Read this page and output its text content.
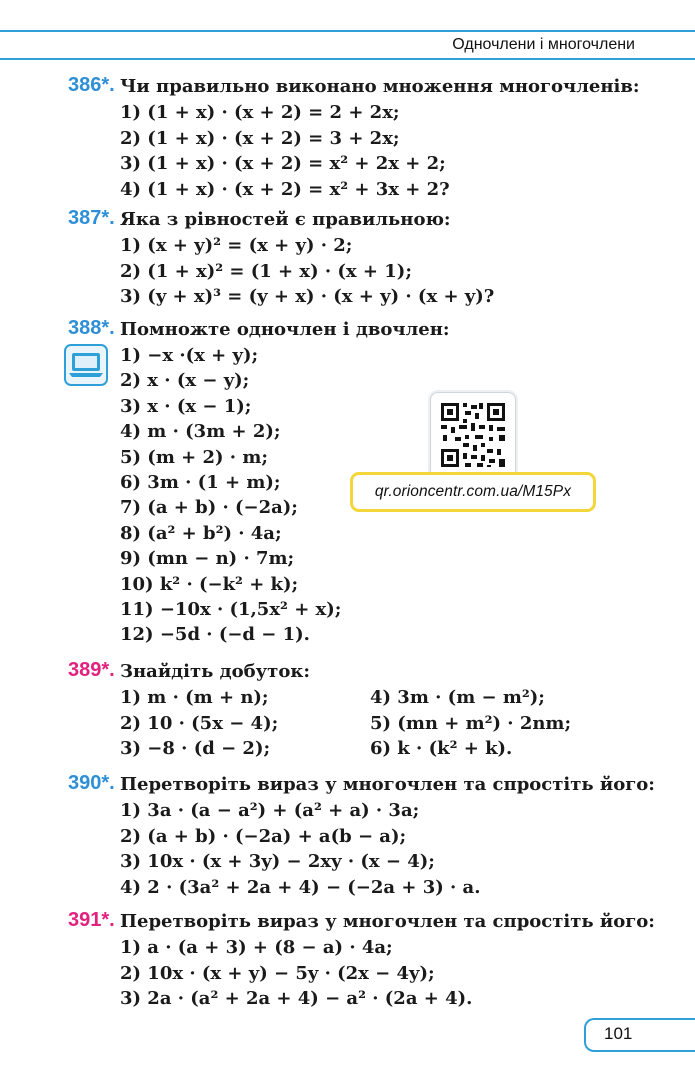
Одночлени і многочлени
386*. Чи правильно виконано множення многочленів:
1) (1 + x) · (x + 2) = 2 + 2x;
2) (1 + x) · (x + 2) = 3 + 2x;
3) (1 + x) · (x + 2) = x² + 2x + 2;
4) (1 + x) · (x + 2) = x² + 3x + 2?
387*. Яка з рівностей є правильною:
1) (x + y)² = (x + y) · 2;
2) (1 + x)² = (1 + x) · (x + 1);
3) (y + x)³ = (y + x) · (x + y) · (x + y)?
388*. Помножте одночлен і двочлен:
1) −x ·(x + y);
2) x · (x − y);
3) x · (x − 1);
4) m · (3m + 2);
5) (m + 2) · m;
6) 3m · (1 + m);
7) (a + b) · (−2a);
8) (a² + b²) · 4a;
9) (mn − n) · 7m;
10) k² · (−k² + k);
11) −10x · (1,5x² + x);
12) −5d · (−d − 1).
qr.orioncentr.com.ua/M15Px
389*. Знайдіть добуток:
1) m · (m + n);
2) 10 · (5x − 4);
3) −8 · (d − 2);
4) 3m · (m − m²);
5) (mn + m²) · 2nm;
6) k · (k² + k).
390*. Перетворіть вираз у многочлен та спростіть його:
1) 3a · (a − a²) + (a² + a) · 3a;
2) (a + b) · (−2a) + a(b − a);
3) 10x · (x + 3y) − 2xy · (x − 4);
4) 2 · (3a² + 2a + 4) − (−2a + 3) · a.
391*. Перетворіть вираз у многочлен та спростіть його:
1) a · (a + 3) + (8 − a) · 4a;
2) 10x · (x + y) − 5y · (2x − 4y);
3) 2a · (a² + 2a + 4) − a² · (2a + 4).
101
